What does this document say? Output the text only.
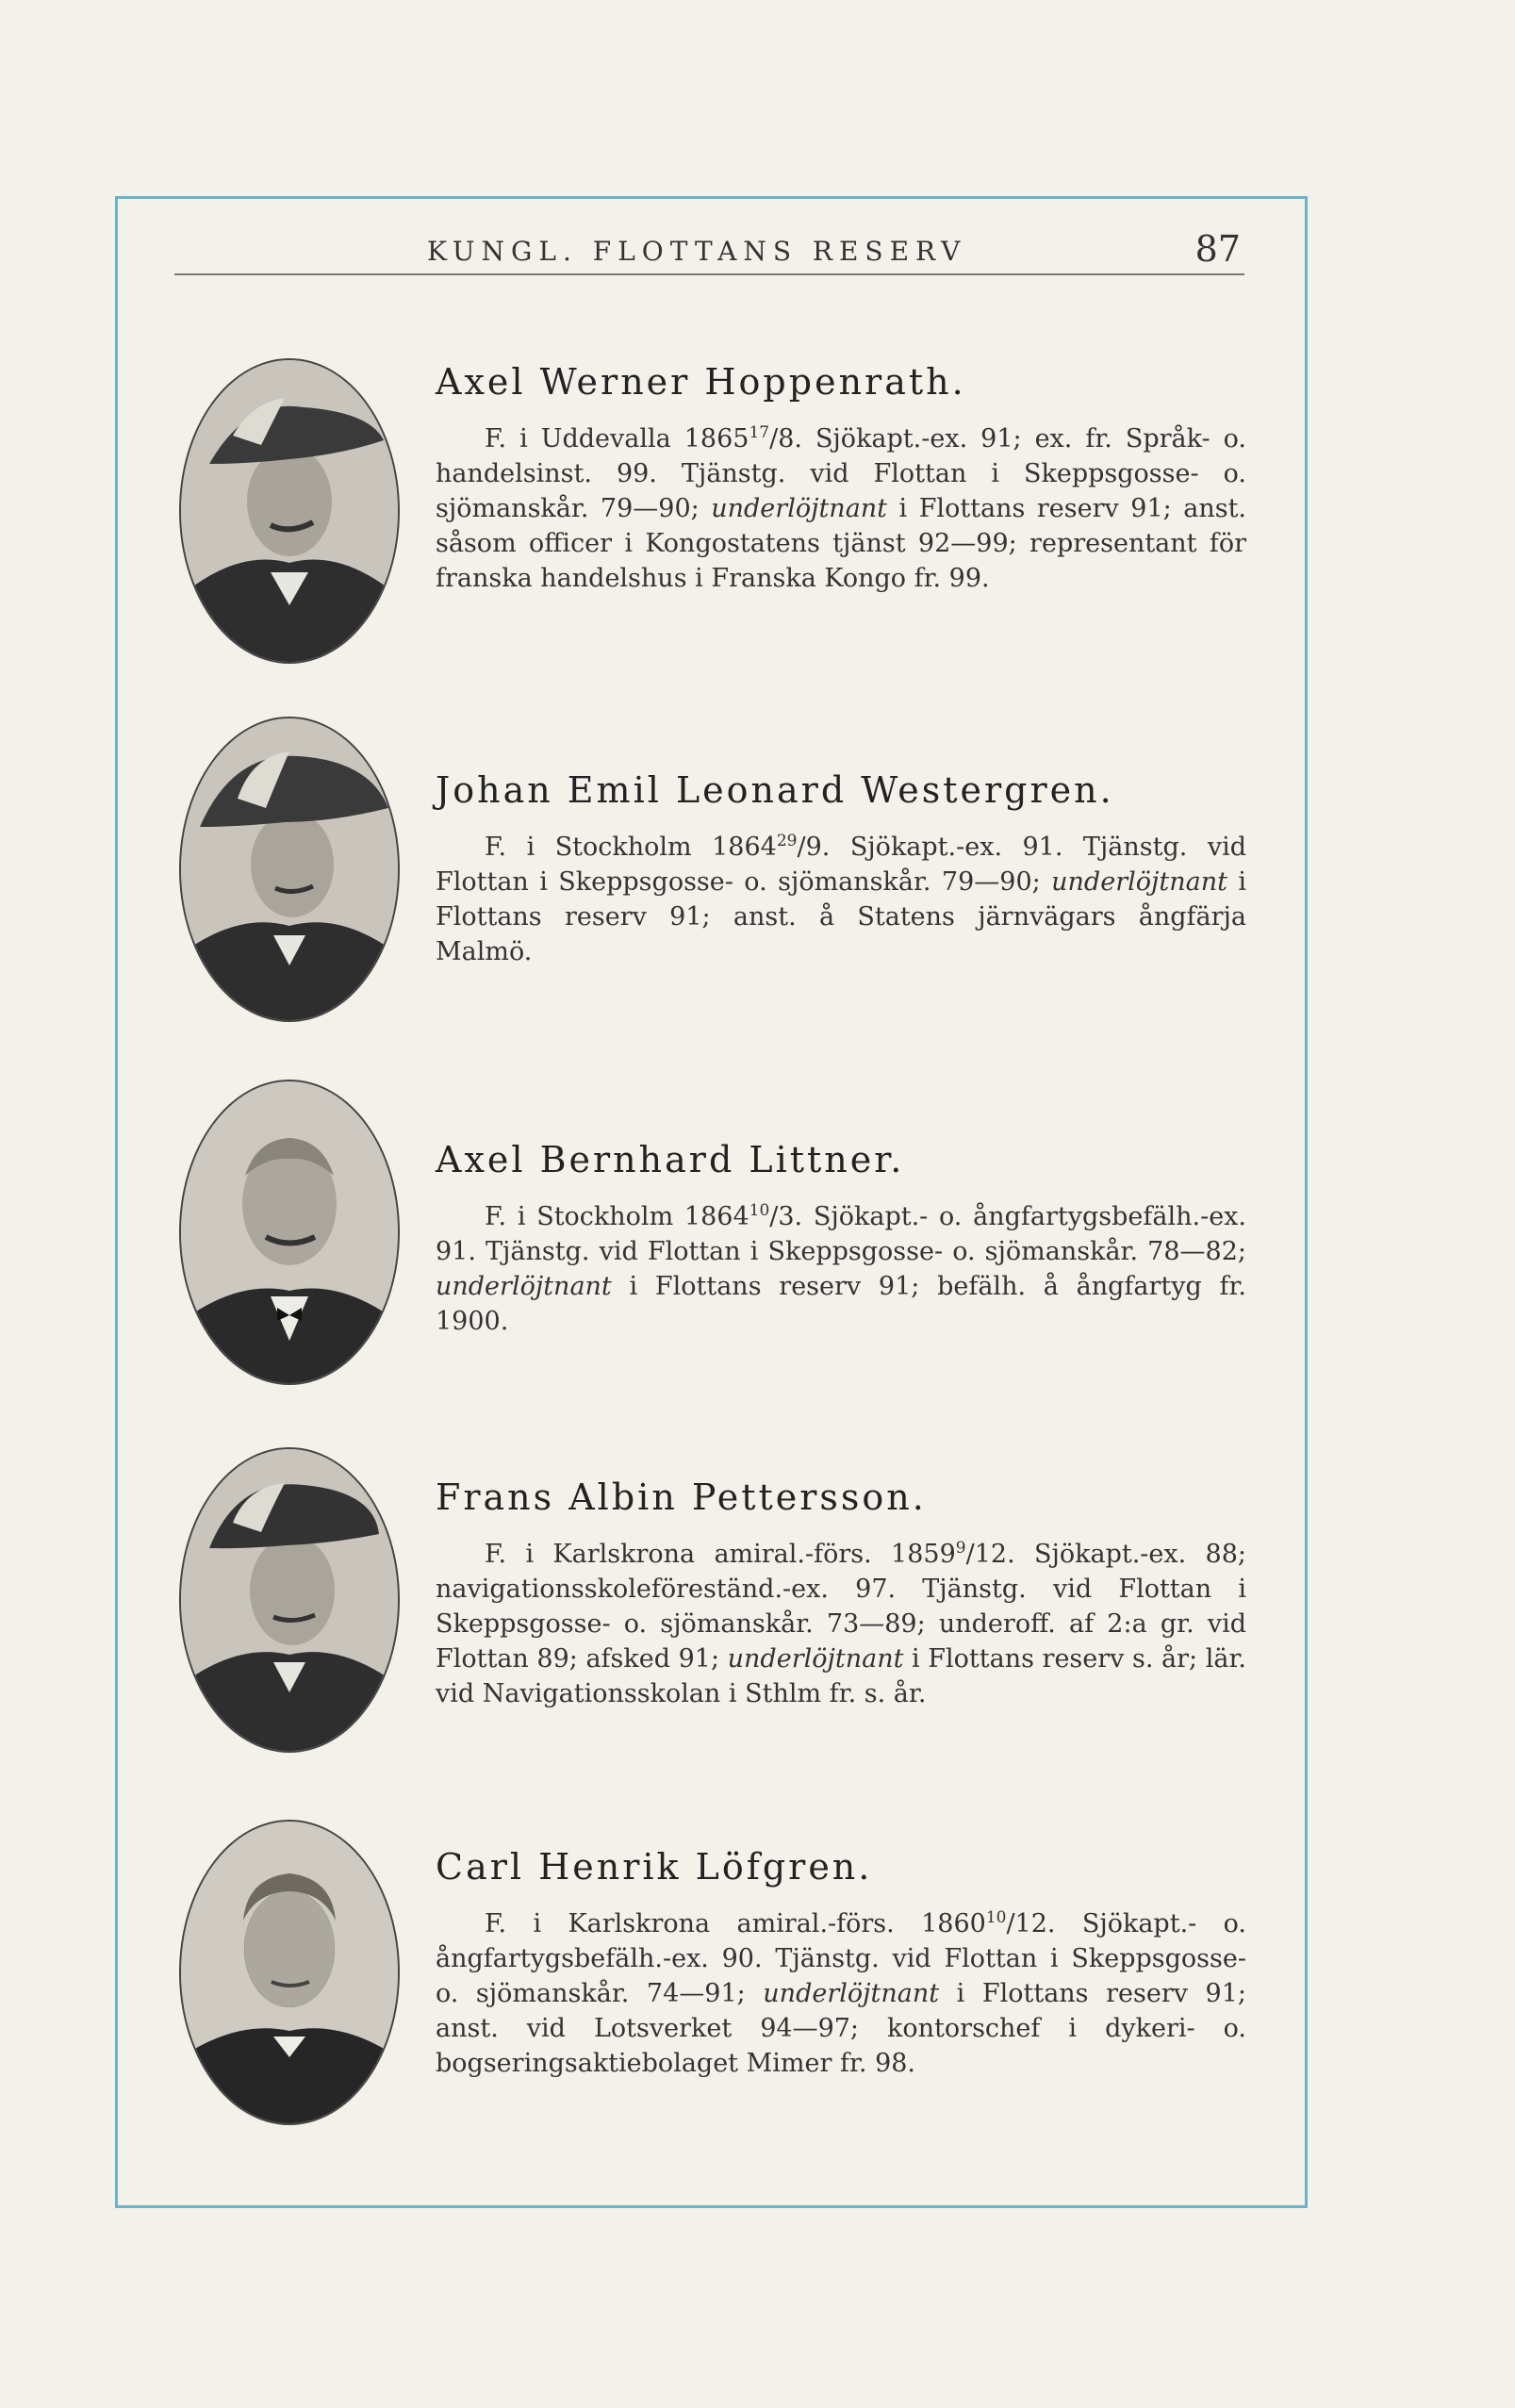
KUNGL. FLOTTANS RESERV	87

Axel Werner Hoppenrath.

F. i Uddevalla 1865$^{17}$/8. Sjökapt.-ex. 91; ex. fr. Språk- o. handelsinst. 99. Tjänstg. vid Flottan i Skeppsgosse- o. sjömanskår. 79—90; underlöjtnant i Flottans reserv 91; anst. såsom officer i Kongostatens tjänst 92—99; representant för franska handelshus i Franska Kongo fr. 99.

Johan Emil Leonard Westergren.

F. i Stockholm 1864$^{29}$/9. Sjökapt.-ex. 91. Tjänstg. vid Flottan i Skeppsgosse- o. sjömanskår. 79—90; underlöjtnant i Flottans reserv 91; anst. å Statens järnvägars ångfärja Malmö.

Axel Bernhard Littner.

F. i Stockholm 1864$^{10}$/3. Sjökapt.- o. ångfartygsbefälh.-ex. 91. Tjänstg. vid Flottan i Skeppsgosse- o. sjömanskår. 78—82; underlöjtnant i Flottans reserv 91; befälh. å ångfartyg fr. 1900.

Frans Albin Pettersson.

F. i Karlskrona amiral.-förs. 1859$^9$/12. Sjökapt.-ex. 88; navigationsskoleföreständ.-ex. 97. Tjänstg. vid Flottan i Skeppsgosse- o. sjömanskår. 73—89; underoff. af 2:a gr. vid Flottan 89; afsked 91; underlöjtnant i Flottans reserv s. år; lär. vid Navigationsskolan i Sthlm fr. s. år.

Carl Henrik Löfgren.

F. i Karlskrona amiral.-förs. 1860$^{10}$/12. Sjökapt.- o. ångfartygsbefälh.-ex. 90. Tjänstg. vid Flottan i Skeppsgosse- o. sjömanskår. 74—91; underlöjtnant i Flottans reserv 91; anst. vid Lotsverket 94—97; kontorschef i dykeri- o. bogseringsaktiebolaget Mimer fr. 98.
